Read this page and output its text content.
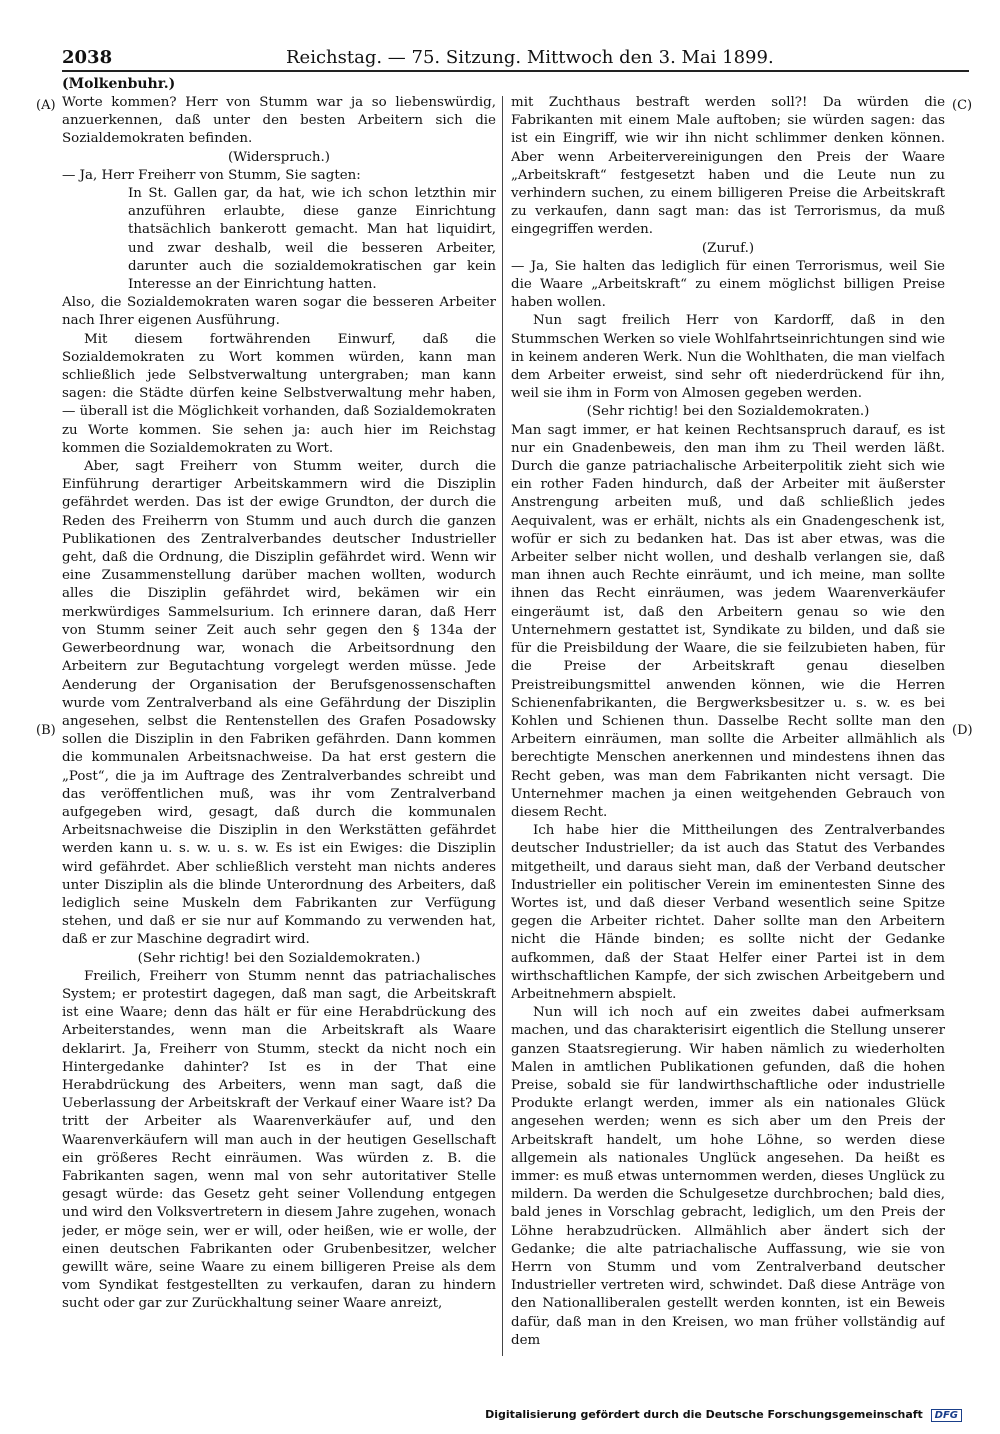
2038	Reichstag. — 75. Sitzung. Mittwoch den 3. Mai 1899.
(Molkenbuhr.)
(A)
(B)
(C)
(D)

Worte kommen? Herr von Stumm war ja so liebenswürdig, anzuerkennen, daß unter den besten Arbeitern sich die Sozialdemokraten befinden.

(Widerspruch.)

— Ja, Herr Freiherr von Stumm, Sie sagten:

In St. Gallen gar, da hat, wie ich schon letzthin mir anzuführen erlaubte, diese ganze Einrichtung thatsächlich bankerott gemacht. Man hat liquidirt, und zwar deshalb, weil die besseren Arbeiter, darunter auch die sozialdemokratischen gar kein Interesse an der Einrichtung hatten.

Also, die Sozialdemokraten waren sogar die besseren Arbeiter nach Ihrer eigenen Ausführung.

Mit diesem fortwährenden Einwurf, daß die Sozialdemokraten zu Wort kommen würden, kann man schließlich jede Selbstverwaltung untergraben; man kann sagen: die Städte dürfen keine Selbstverwaltung mehr haben, — überall ist die Möglichkeit vorhanden, daß Sozialdemokraten zu Worte kommen. Sie sehen ja: auch hier im Reichstag kommen die Sozialdemokraten zu Wort.

Aber, sagt Freiherr von Stumm weiter, durch die Einführung derartiger Arbeitskammern wird die Disziplin gefährdet werden. Das ist der ewige Grundton, der durch die Reden des Freiherrn von Stumm und auch durch die ganzen Publikationen des Zentralverbandes deutscher Industrieller geht, daß die Ordnung, die Disziplin gefährdet wird. Wenn wir eine Zusammenstellung darüber machen wollten, wodurch alles die Disziplin gefährdet wird, bekämen wir ein merkwürdiges Sammelsurium. Ich erinnere daran, daß Herr von Stumm seiner Zeit auch sehr gegen den § 134a der Gewerbeordnung war, wonach die Arbeitsordnung den Arbeitern zur Begutachtung vorgelegt werden müsse. Jede Aenderung der Organisation der Berufsgenossenschaften wurde vom Zentralverband als eine Gefährdung der Disziplin angesehen, selbst die Rentenstellen des Grafen Posadowsky sollen die Disziplin in den Fabriken gefährden. Dann kommen die kommunalen Arbeitsnachweise. Da hat erst gestern die „Post“, die ja im Auftrage des Zentralverbandes schreibt und das veröffentlichen muß, was ihr vom Zentralverband aufgegeben wird, gesagt, daß durch die kommunalen Arbeitsnachweise die Disziplin in den Werkstätten gefährdet werden kann u. s. w. u. s. w. Es ist ein Ewiges: die Disziplin wird gefährdet. Aber schließlich versteht man nichts anderes unter Disziplin als die blinde Unterordnung des Arbeiters, daß lediglich seine Muskeln dem Fabrikanten zur Verfügung stehen, und daß er sie nur auf Kommando zu verwenden hat, daß er zur Maschine degradirt wird.

(Sehr richtig! bei den Sozialdemokraten.)

Freilich, Freiherr von Stumm nennt das patriachalisches System; er protestirt dagegen, daß man sagt, die Arbeitskraft ist eine Waare; denn das hält er für eine Herabdrückung des Arbeiterstandes, wenn man die Arbeitskraft als Waare deklarirt. Ja, Freiherr von Stumm, steckt da nicht noch ein Hintergedanke dahinter? Ist es in der That eine Herabdrückung des Arbeiters, wenn man sagt, daß die Ueberlassung der Arbeitskraft der Verkauf einer Waare ist? Da tritt der Arbeiter als Waarenverkäufer auf, und den Waarenverkäufern will man auch in der heutigen Gesellschaft ein größeres Recht einräumen. Was würden z. B. die Fabrikanten sagen, wenn mal von sehr autoritativer Stelle gesagt würde: das Gesetz geht seiner Vollendung entgegen und wird den Volksvertretern in diesem Jahre zugehen, wonach jeder, er möge sein, wer er will, oder heißen, wie er wolle, der einen deutschen Fabrikanten oder Grubenbesitzer, welcher gewillt wäre, seine Waare zu einem billigeren Preise als dem vom Syndikat festgestellten zu verkaufen, daran zu hindern sucht oder gar zur Zurückhaltung seiner Waare anreizt,

mit Zuchthaus bestraft werden soll?! Da würden die Fabrikanten mit einem Male auftoben; sie würden sagen: das ist ein Eingriff, wie wir ihn nicht schlimmer denken können. Aber wenn Arbeitervereinigungen den Preis der Waare „Arbeitskraft“ festgesetzt haben und die Leute nun zu verhindern suchen, zu einem billigeren Preise die Arbeitskraft zu verkaufen, dann sagt man: das ist Terrorismus, da muß eingegriffen werden.

(Zuruf.)

— Ja, Sie halten das lediglich für einen Terrorismus, weil Sie die Waare „Arbeitskraft“ zu einem möglichst billigen Preise haben wollen.

Nun sagt freilich Herr von Kardorff, daß in den Stummschen Werken so viele Wohlfahrtseinrichtungen sind wie in keinem anderen Werk. Nun die Wohlthaten, die man vielfach dem Arbeiter erweist, sind sehr oft niederdrückend für ihn, weil sie ihm in Form von Almosen gegeben werden.

(Sehr richtig! bei den Sozialdemokraten.)

Man sagt immer, er hat keinen Rechtsanspruch darauf, es ist nur ein Gnadenbeweis, den man ihm zu Theil werden läßt. Durch die ganze patriachalische Arbeiterpolitik zieht sich wie ein rother Faden hindurch, daß der Arbeiter mit äußerster Anstrengung arbeiten muß, und daß schließlich jedes Aequivalent, was er erhält, nichts als ein Gnadengeschenk ist, wofür er sich zu bedanken hat. Das ist aber etwas, was die Arbeiter selber nicht wollen, und deshalb verlangen sie, daß man ihnen auch Rechte einräumt, und ich meine, man sollte ihnen das Recht einräumen, was jedem Waarenverkäufer eingeräumt ist, daß den Arbeitern genau so wie den Unternehmern gestattet ist, Syndikate zu bilden, und daß sie für die Preisbildung der Waare, die sie feilzubieten haben, für die Preise der Arbeitskraft genau dieselben Preistreibungsmittel anwenden können, wie die Herren Schienenfabrikanten, die Bergwerksbesitzer u. s. w. es bei Kohlen und Schienen thun. Dasselbe Recht sollte man den Arbeitern einräumen, man sollte die Arbeiter allmählich als berechtigte Menschen anerkennen und mindestens ihnen das Recht geben, was man dem Fabrikanten nicht versagt. Die Unternehmer machen ja einen weitgehenden Gebrauch von diesem Recht.

Ich habe hier die Mittheilungen des Zentralverbandes deutscher Industrieller; da ist auch das Statut des Verbandes mitgetheilt, und daraus sieht man, daß der Verband deutscher Industrieller ein politischer Verein im eminentesten Sinne des Wortes ist, und daß dieser Verband wesentlich seine Spitze gegen die Arbeiter richtet. Daher sollte man den Arbeitern nicht die Hände binden; es sollte nicht der Gedanke aufkommen, daß der Staat Helfer einer Partei ist in dem wirthschaftlichen Kampfe, der sich zwischen Arbeitgebern und Arbeitnehmern abspielt.

Nun will ich noch auf ein zweites dabei aufmerksam machen, und das charakterisirt eigentlich die Stellung unserer ganzen Staatsregierung. Wir haben nämlich zu wiederholten Malen in amtlichen Publikationen gefunden, daß die hohen Preise, sobald sie für landwirthschaftliche oder industrielle Produkte erlangt werden, immer als ein nationales Glück angesehen werden; wenn es sich aber um den Preis der Arbeitskraft handelt, um hohe Löhne, so werden diese allgemein als nationales Unglück angesehen. Da heißt es immer: es muß etwas unternommen werden, dieses Unglück zu mildern. Da werden die Schulgesetze durchbrochen; bald dies, bald jenes in Vorschlag gebracht, lediglich, um den Preis der Löhne herabzudrücken. Allmählich aber ändert sich der Gedanke; die alte patriachalische Auffassung, wie sie von Herrn von Stumm und vom Zentralverband deutscher Industrieller vertreten wird, schwindet. Daß diese Anträge von den Nationalliberalen gestellt werden konnten, ist ein Beweis dafür, daß man in den Kreisen, wo man früher vollständig auf dem

Digitalisierung gefördert durch die Deutsche Forschungsgemeinschaft DFG
